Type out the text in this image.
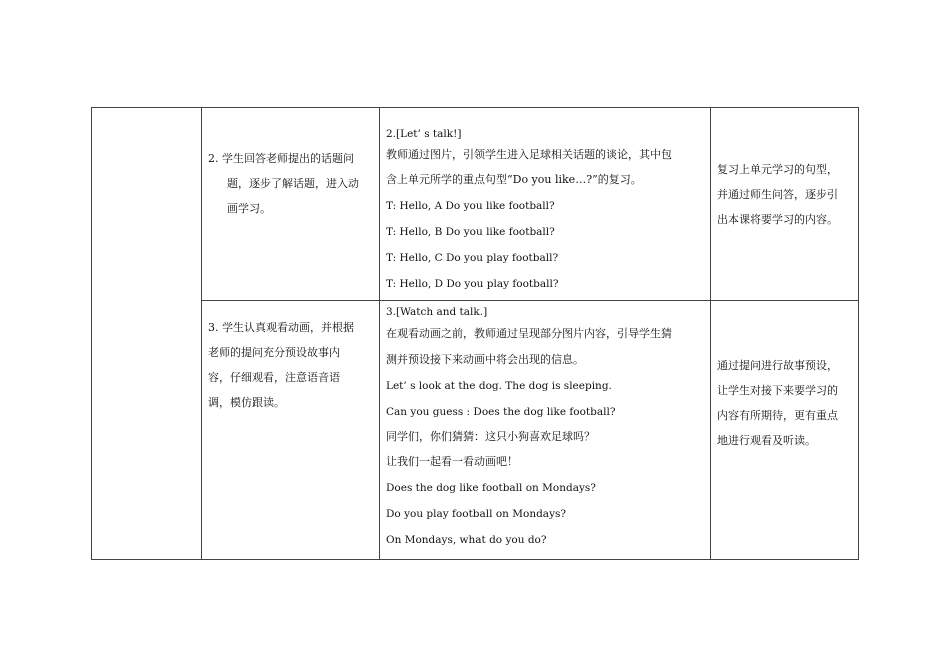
2. 学生回答老师提出的话题问
题，逐步了解话题，进入动
画学习。
2.[Let’ s talk!]
教师通过图片，引领学生进入足球相关话题的谈论，其中包
含上单元所学的重点句型“Do you like…?”的复习。
T: Hello, A Do you like football?
T: Hello, B Do you like football?
T: Hello, C Do you play football?
T: Hello, D Do you play football?
复习上单元学习的句型，
并通过师生问答，逐步引
出本课将要学习的内容。
3. 学生认真观看动画，并根据
老师的提问充分预设故事内
容，仔细观看，注意语音语
调，模仿跟读。
3.[Watch and talk.]
在观看动画之前，教师通过呈现部分图片内容，引导学生猜
测并预设接下来动画中将会出现的信息。
Let’ s look at the dog. The dog is sleeping.
Can you guess : Does the dog like football?
同学们，你们猜猜：这只小狗喜欢足球吗？
让我们一起看一看动画吧！
Does the dog like football on Mondays?
Do you play football on Mondays?
On Mondays, what do you do?
通过提问进行故事预设，
让学生对接下来要学习的
内容有所期待，更有重点
地进行观看及听读。
